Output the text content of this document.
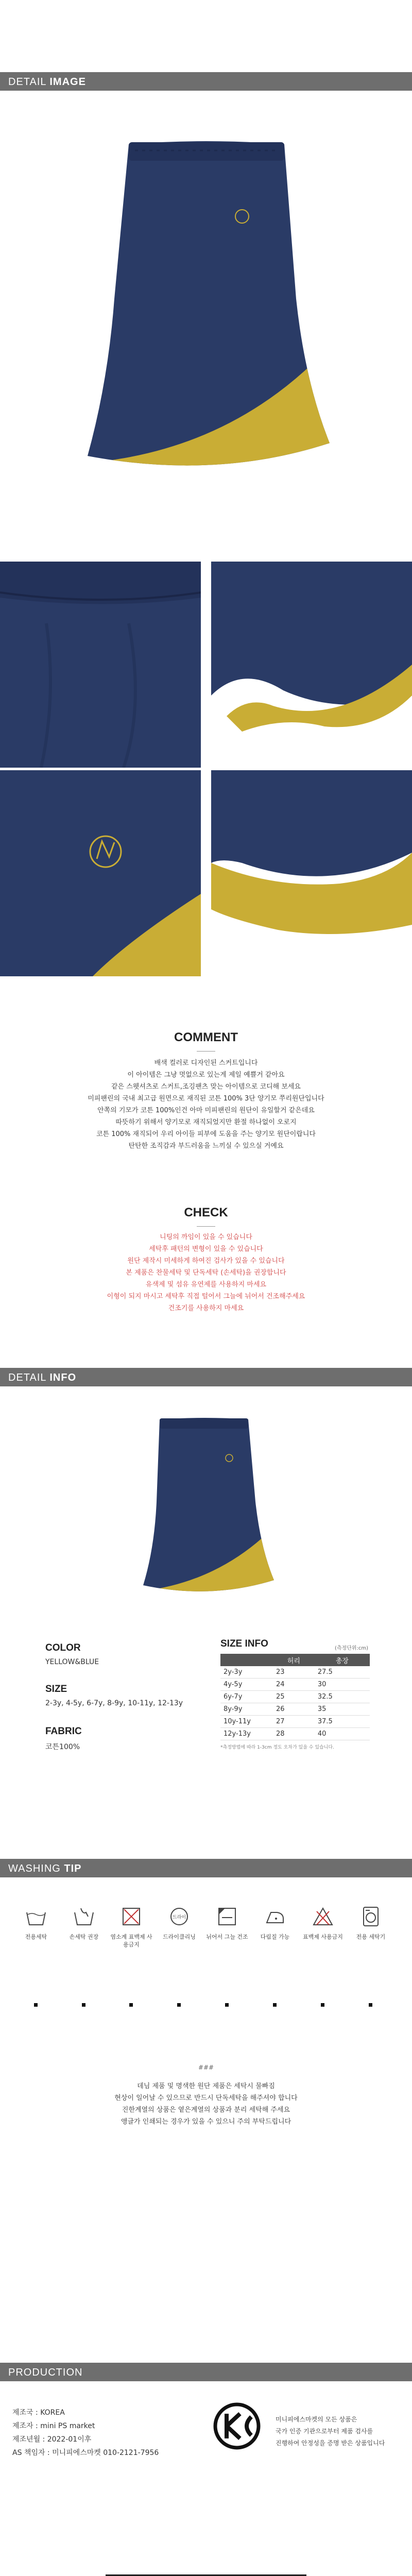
DETAIL IMAGE
COMMENT
배색 컬러로 디자인된 스커트입니다
이 아이템은 그냥 멋없으로 있는게 제일 예쁠거 같아요
같은 스웻셔츠로 스커트,조깅팬츠 맞는 아이템으로 코디해 보세요
미피팬린의 국내 최고급 원면으로 재직된 코튼 100% 3단 양기모 쭈리원단입니다
안쪽의 기모가 코튼 100%인건 아마 미피팬린의 원단이 유일할거 같은데요
따뜻하기 위해서 양기모로 재직되었지만 환절 하나없이 오로지
코튼 100% 재직되어 우리 아이들 피부에 도움을 주는 양기모 원단이랍니다
탄탄한 조직감과 부드러움을 느끼실 수 있으실 거예요
CHECK
니팅의 까임이 있을 수 있습니다
세탁후 패턴의 변형이 있을 수 있습니다
원단 제작시 미세하게 하여진 검사가 있을 수 있습니다
본 제품은 찬물세탁 및 단독세탁 (손세탁)을 권장합니다
유색제 및 섬유 유연제를 사용하지 마세요
이형이 되지 마시고 세탁후 직접 털어서 그늘에 뉘어서 건조해주세요
건조기를 사용하지 마세요
DETAIL INFO
COLOR
YELLOW&BLUE
SIZE
2-3y, 4-5y, 6-7y, 8-9y, 10-11y, 12-13y
FABRIC
코튼100%
SIZE INFO	(측정단위:cm)
	허리	총장
2y-3y	23	27.5
4y-5y	24	30
6y-7y	25	32.5
8y-9y	26	35
10y-11y	27	37.5
12y-13y	28	40
*측정방법에 따라 1-3cm 정도 오차가 있을 수 있습니다.
WASHING TIP
전용세탁	손세탁 권장	염소계 표백제 사용금지
드라이
드라이클리닝	뉘어서 그늘 건조	다림질 가능	표백제 사용금지	전용 세탁기
###
데님 제품 및 명색한 원단 제품은 세탁시 물빠짐
현상이 일어날 수 있으므로 반드시 단독세탁을 해주셔야 합니다
진한계열의 상품은 옅은계열의 상품과 분리 세탁해 주세요
앵글가 인쇄되는 경우가 있을 수 있으니 주의 부탁드립니다
PRODUCTION
제조국 : KOREA
제조자 : mini PS market
제조년월 : 2022-01이후
AS 책임자 : 미니피에스마켓 010-2121-7956
미니피에스마켓의 모든 상품은
국가 인증 기관으로부터 제품 검사를
진행하여 안정성을 증명 받은 상품입니다
